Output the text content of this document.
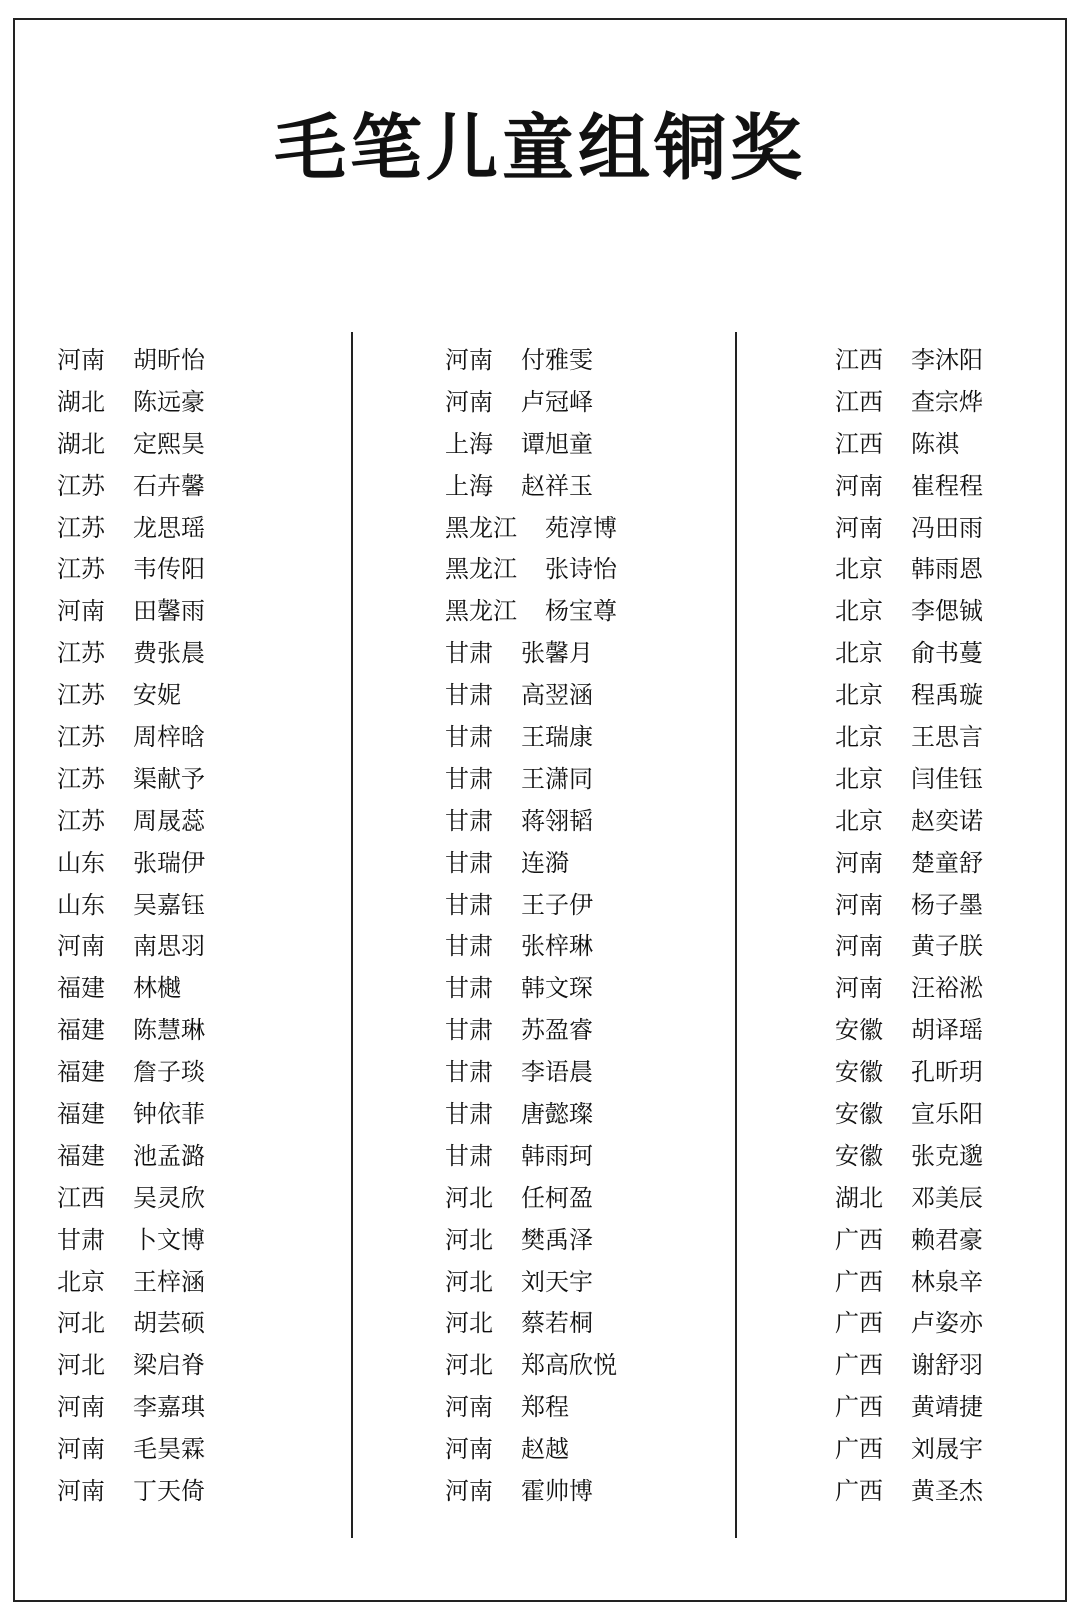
毛笔儿童组铜奖
河南	胡昕怡
湖北	陈远豪
湖北	定熙昊
江苏	石卉馨
江苏	龙思瑶
江苏	韦传阳
河南	田馨雨
江苏	费张晨
江苏	安妮
江苏	周梓晗
江苏	渠献予
江苏	周晟蕊
山东	张瑞伊
山东	吴嘉钰
河南	南思羽
福建	林樾
福建	陈慧琳
福建	詹子琰
福建	钟依菲
福建	池孟潞
江西	吴灵欣
甘肃	卜文博
北京	王梓涵
河北	胡芸硕
河北	梁启脊
河南	李嘉琪
河南	毛昊霖
河南	丁天倚
河南	付雅雯
河南	卢冠峄
上海	谭旭童
上海	赵祥玉
黑龙江	苑淳博
黑龙江	张诗怡
黑龙江	杨宝尊
甘肃	张馨月
甘肃	高翌涵
甘肃	王瑞康
甘肃	王潇同
甘肃	蒋翎韬
甘肃	连漪
甘肃	王子伊
甘肃	张梓琳
甘肃	韩文琛
甘肃	苏盈睿
甘肃	李语晨
甘肃	唐懿璨
甘肃	韩雨珂
河北	任柯盈
河北	樊禹泽
河北	刘天宇
河北	蔡若桐
河北	郑高欣悦
河南	郑程
河南	赵越
河南	霍帅博
江西	李沐阳
江西	查宗烨
江西	陈祺
河南	崔程程
河南	冯田雨
北京	韩雨恩
北京	李偲铖
北京	俞书蔓
北京	程禹璇
北京	王思言
北京	闫佳钰
北京	赵奕诺
河南	楚童舒
河南	杨子墨
河南	黄子朕
河南	汪裕淞
安徽	胡译瑶
安徽	孔昕玥
安徽	宣乐阳
安徽	张克邈
湖北	邓美辰
广西	赖君豪
广西	林泉辛
广西	卢姿亦
广西	谢舒羽
广西	黄靖捷
广西	刘晟宇
广西	黄圣杰
